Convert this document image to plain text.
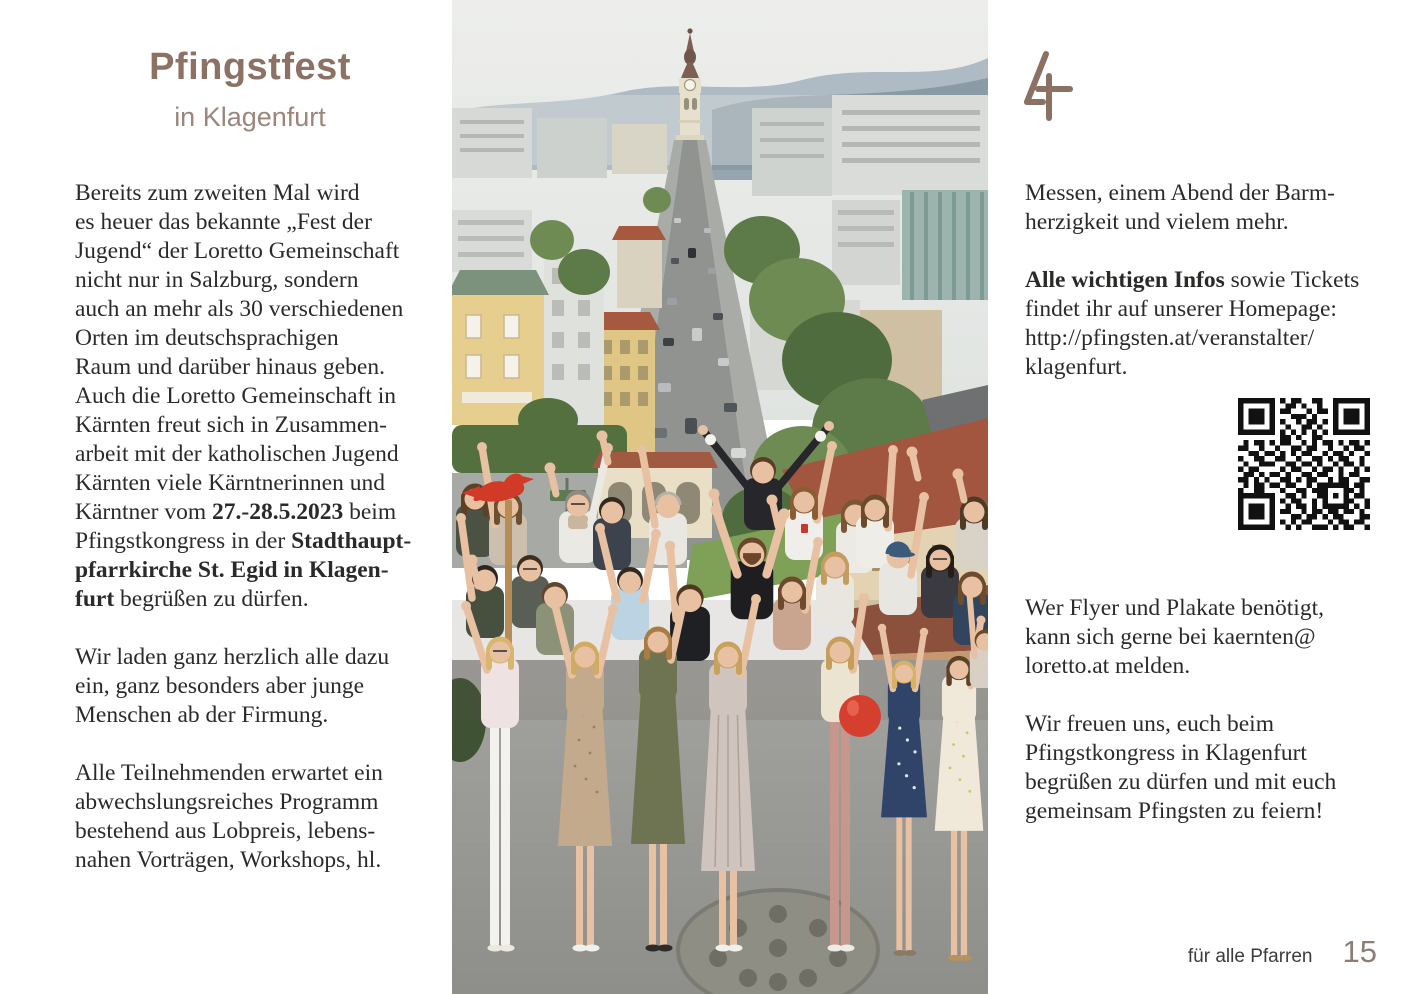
Pfingstfest
in Klagenfurt
Bereits zum zweiten Mal wird
es heuer das bekannte „Fest der
Jugend“ der Loretto Gemeinschaft
nicht nur in Salzburg, sondern
auch an mehr als 30 verschiedenen
Orten im deutschsprachigen
Raum und darüber hinaus geben.
Auch die Loretto Gemeinschaft in
Kärnten freut sich in Zusammen-
arbeit mit der katholischen Jugend
Kärnten viele Kärntnerinnen und
Kärntner vom 27.-28.5.2023 beim
Pfingstkongress in der Stadthaupt-
pfarrkirche St. Egid in Klagen-
furt begrüßen zu dürfen.
Wir laden ganz herzlich alle dazu
ein, ganz besonders aber junge
Menschen ab der Firmung.
Alle Teilnehmenden erwartet ein
abwechslungsreiches Programm
bestehend aus Lobpreis, lebens-
nahen Vorträgen, Workshops, hl.
Messen, einem Abend der Barm-
herzigkeit und vielem mehr.
Alle wichtigen Infos sowie Tickets
findet ihr auf unserer Homepage:
http://pfingsten.at/veranstalter/
klagenfurt.
Wer Flyer und Plakate benötigt,
kann sich gerne bei kaernten@
loretto.at melden.
Wir freuen uns, euch beim
Pfingstkongress in Klagenfurt
begrüßen zu dürfen und mit euch
gemeinsam Pfingsten zu feiern!
für alle Pfarren 15
